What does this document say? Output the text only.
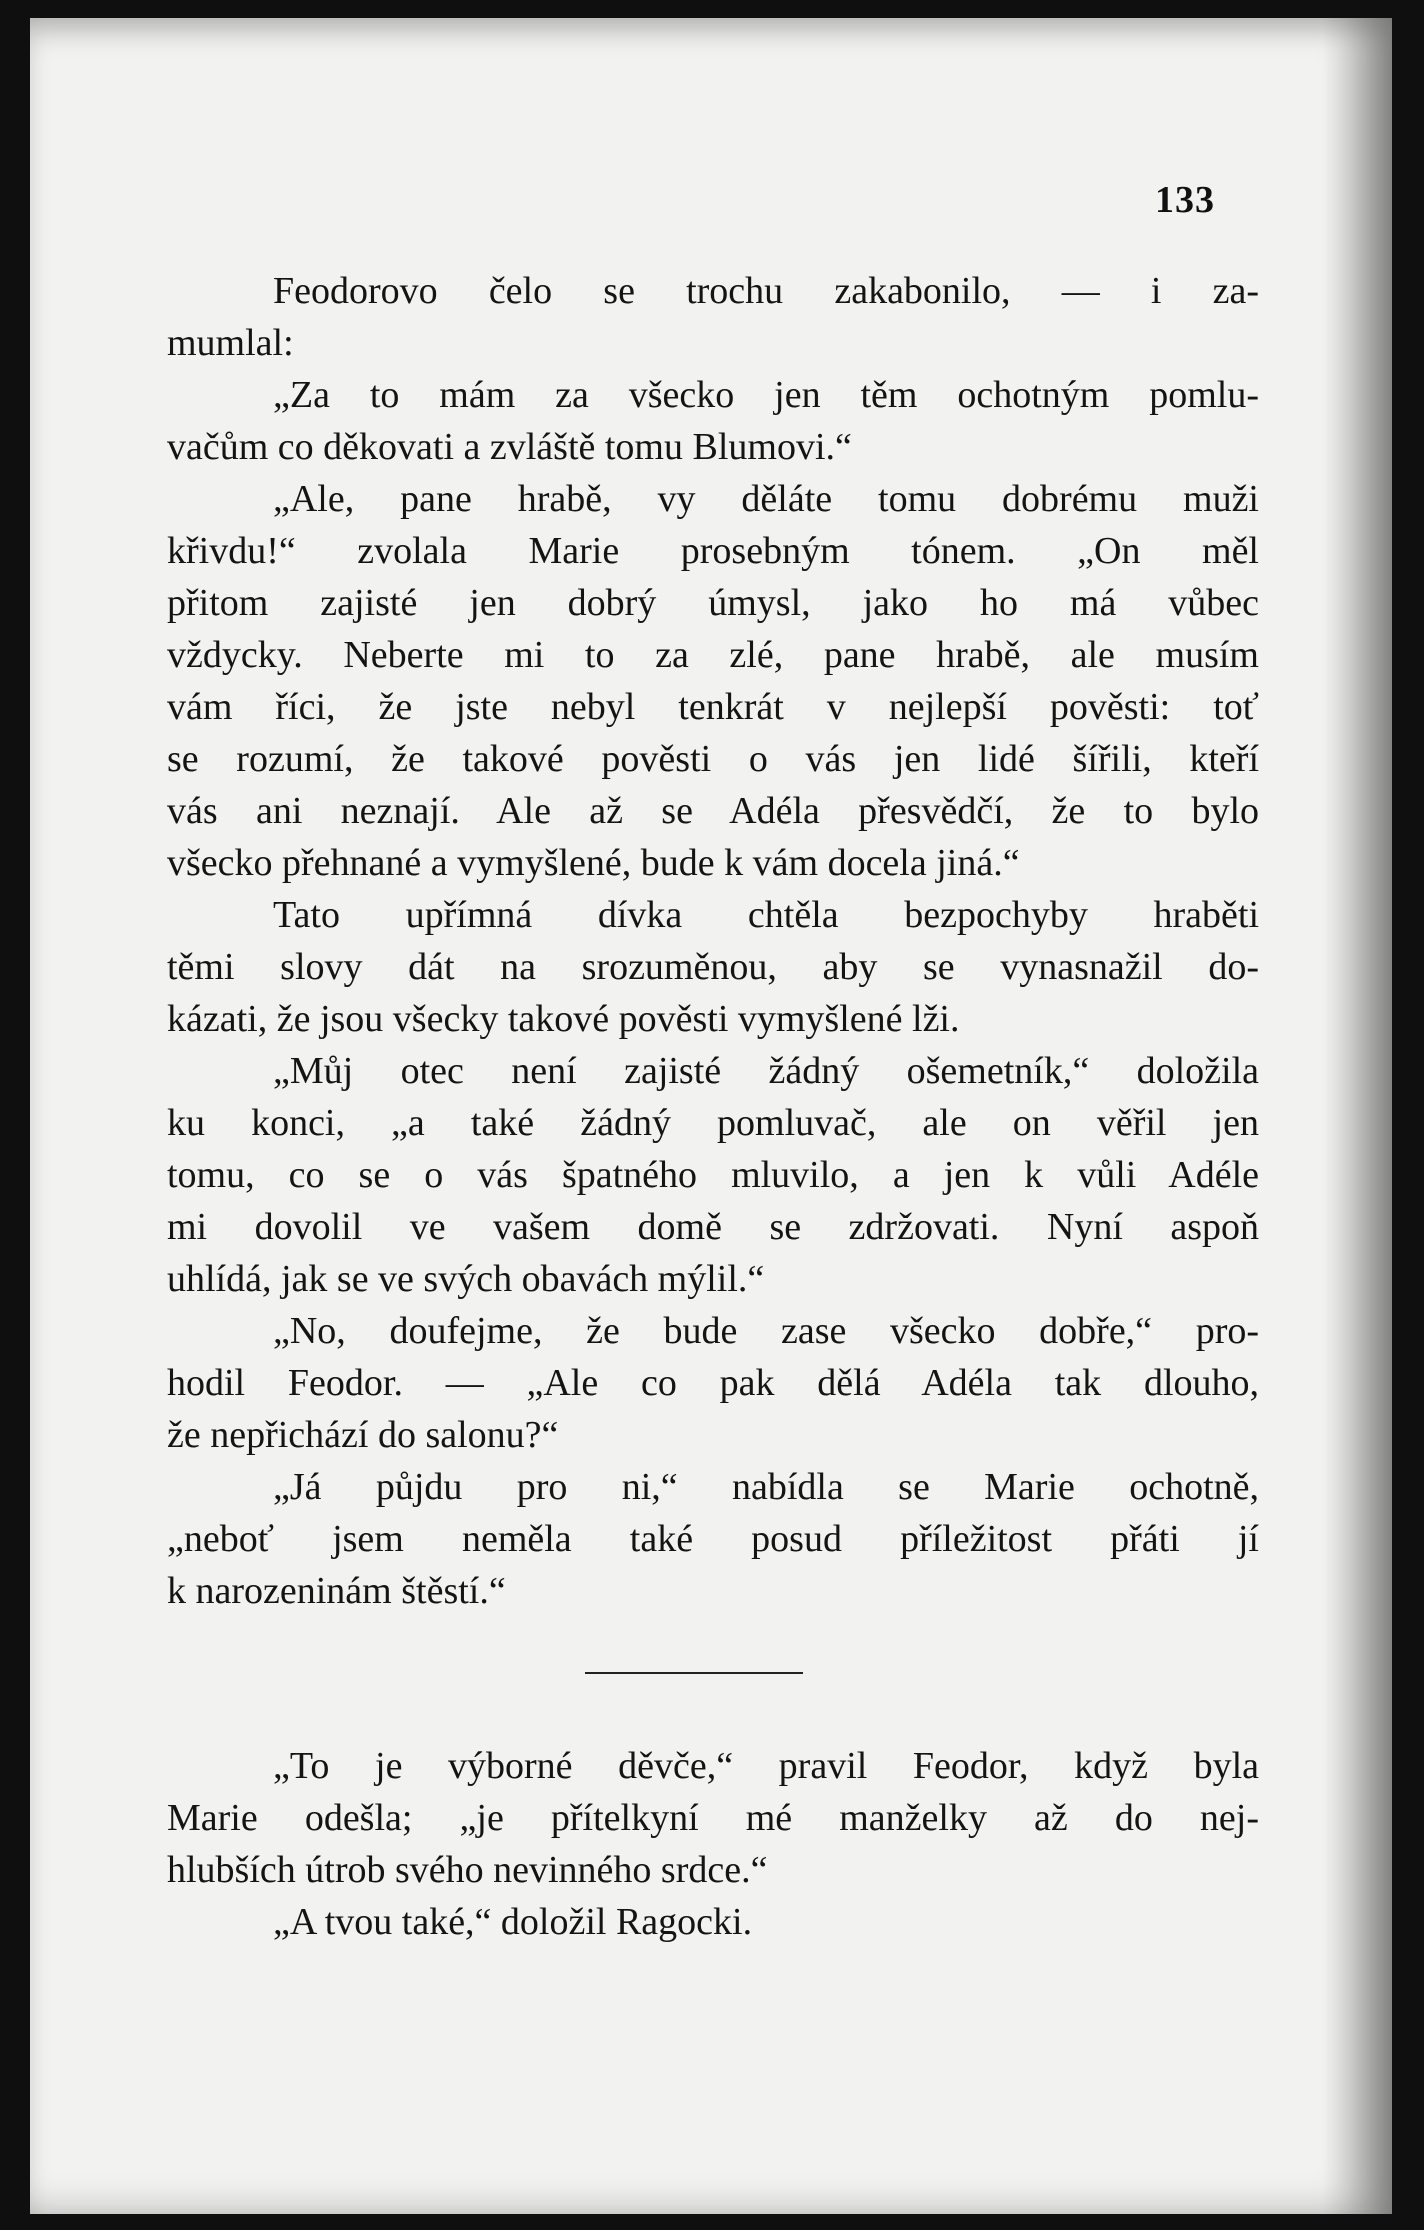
133
Feodorovo čelo se trochu zakabonilo, — i za-
mumlal:
„Za to mám za všecko jen těm ochotným pomlu-
vačům co děkovati a zvláště tomu Blumovi.“
„Ale, pane hrabě, vy děláte tomu dobrému muži
křivdu!“ zvolala Marie prosebným tónem. „On měl
přitom zajisté jen dobrý úmysl, jako ho má vůbec
vždycky. Neberte mi to za zlé, pane hrabě, ale musím
vám říci, že jste nebyl tenkrát v nejlepší pověsti: toť
se rozumí, že takové pověsti o vás jen lidé šířili, kteří
vás ani neznají. Ale až se Adéla přesvědčí, že to bylo
všecko přehnané a vymyšlené, bude k vám docela jiná.“
Tato upřímná dívka chtěla bezpochyby hraběti
těmi slovy dát na srozuměnou, aby se vynasnažil do-
kázati, že jsou všecky takové pověsti vymyšlené lži.
„Můj otec není zajisté žádný ošemetník,“ doložila
ku konci, „a také žádný pomluvač, ale on věřil jen
tomu, co se o vás špatného mluvilo, a jen k vůli Adéle
mi dovolil ve vašem domě se zdržovati. Nyní aspoň
uhlídá, jak se ve svých obavách mýlil.“
„No, doufejme, že bude zase všecko dobře,“ pro-
hodil Feodor. — „Ale co pak dělá Adéla tak dlouho,
že nepřichází do salonu?“
„Já půjdu pro ni,“ nabídla se Marie ochotně,
„neboť jsem neměla také posud příležitost přáti jí
k narozeninám štěstí.“
„To je výborné děvče,“ pravil Feodor, když byla
Marie odešla; „je přítelkyní mé manželky až do nej-
hlubších útrob svého nevinného srdce.“
„A tvou také,“ doložil Ragocki.
